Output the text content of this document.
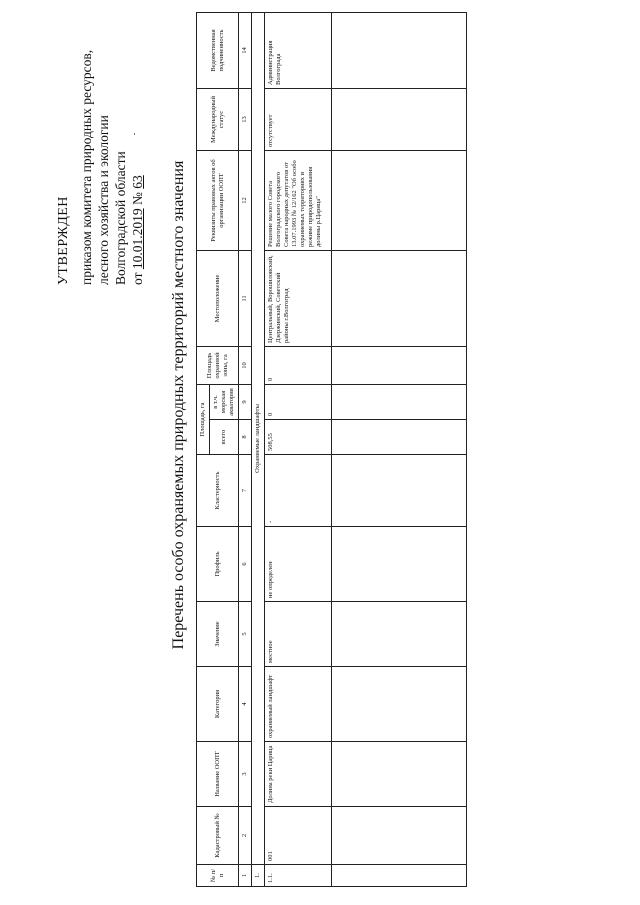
УТВЕРЖДЕН приказом комитета природных ресурсов, лесного хозяйства и экологии Волгоградской области от 10.01.2019 № 63 Перечень особо охраняемых природных территорий местного значения
№ п/п	Кадастровый №	Название ООПТ	Категория	Значение	Профиль	Кластерность	Площадь, га		Площадь охранной зоны, га	Местоположение	Реквизиты правовых актов об организации ООПТ	Международный статус	Ведомственная подчиненность
							всего	в т.ч. морская акватория					
1	2	3	4	5	6	7	8	9	10	11	12	13	14
1.	Охраняемые ландшафты												
1.1.	001	Долина реки Царица	охраняемый ландшафт	местное	не определен	-	508,55	0	0	Центральный, Ворошиловский, Дзержинский, Советский районы г.Волгоград	Решение малого Совета Волгоградского городского Совета народных депутатов от 13.07.1993 № 12/162 "Об особо охраняемых территориях и режиме природопользования долины р.Царица"	отсутствует	Администрация Волгограда
